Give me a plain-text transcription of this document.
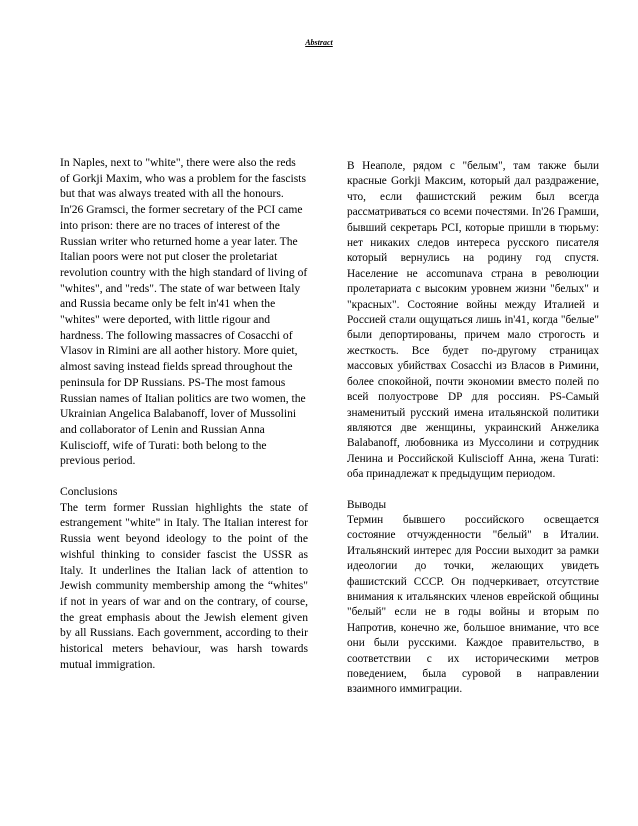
Abstract

In Naples, next to "white", there were also the reds of Gorkji Maxim, who was a problem for the fascists but that was always treated with all the honours. In'26 Gramsci, the former secretary of the PCI came into prison: there are no traces of interest of the Russian writer who returned home a year later. The Italian poors were not put closer the proletariat revolution country with the high standard of living of "whites", and "reds". The state of war between Italy and Russia became only be felt in'41 when the "whites" were deported, with little rigour and hardness. The following massacres of Cosacchi of Vlasov in Rimini are all aother history. More quiet, almost saving instead fields spread throughout the peninsula for DP Russians. PS-The most famous Russian names of Italian politics are two women, the Ukrainian Angelica Balabanoff, lover of Mussolini and collaborator of Lenin and Russian Anna Kuliscioff, wife of Turati: both belong to the previous period.

Conclusions

The term former Russian highlights the state of estrangement "white" in Italy. The Italian interest for Russia went beyond ideology to the point of the wishful thinking to consider fascist the USSR as Italy. It underlines the Italian lack of attention to Jewish community membership among the “whites" if not in years of war and on the contrary, of course, the great emphasis about the Jewish element given by all Russians. Each government, according to their historical meters behaviour, was harsh towards mutual immigration.

В Неаполе, рядом с "белым", там также были красные Gorkji Максим, который дал раздражение, что, если фашистский режим был всегда рассматриваться со всеми почестями. In'26 Грамши, бывший секретарь PCI, которые пришли в тюрьму: нет никаких следов интереса русского писателя который вернулись на родину год спустя. Население не accomunava страна в революции пролетариата с высоким уровнем жизни "белых" и "красных". Состояние войны между Италией и Россией стали ощущаться лишь in'41, когда "белые" были депортированы, причем мало строгость и жесткость. Все будет по-другому страницах массовых убийствах Cosacchi из Власов в Римини, более спокойной, почти экономии вместо полей по всей полуострове DP для россиян. PS-Самый знаменитый русский имена итальянской политики являются две женщины, украинский Анжелика Balabanoff, любовника из Муссолини и сотрудник Ленина и Российской Kuliscioff Анна, жена Turati: оба принадлежат к предыдущим периодом.

Выводы

Термин бывшего российского освещается состояние отчужденности "белый" в Италии. Итальянский интерес для России выходит за рамки идеологии до точки, желающих увидеть фашистский СССР. Он подчеркивает, отсутствие внимания к итальянских членов еврейской общины "белый" если не в годы войны и вторым по Напротив, конечно же, большое внимание, что все они были русскими. Каждое правительство, в соответствии с их историческими метров поведением, была суровой в направлении взаимного иммиграции.
